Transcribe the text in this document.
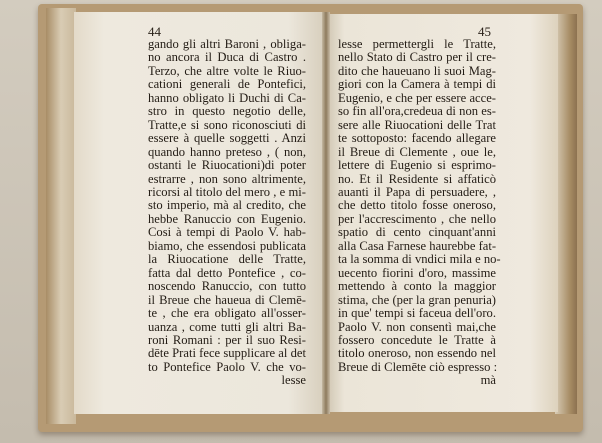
44
gando gli altri Baroni , obliga-
no ancora il Duca di Castro .
Terzo, che altre volte le Riuo-
cationi generali de Pontefici,
hanno obligato li Duchi di Ca-
stro in questo negotio delle,
Tratte,e si sono riconosciuti di
essere à quelle soggetti . Anzi
quando hanno preteso , ( non,
ostanti le Riuocationi)di poter
estrarre , non sono altrimente,
ricorsi al titolo del mero , e mi-
sto imperio, mà al credito, che
hebbe Ranuccio con Eugenio.
Cosi à tempi di Paolo V. hab-
biamo, che essendosi publicata
la Riuocatione delle Tratte,
fatta dal detto Pontefice , co-
noscendo Ranuccio, con tutto
il Breue che haueua di Clemē-
te , che era obligato all'osser-
uanza , come tutti gli altri Ba-
roni Romani : per il suo Resi-
dēte Prati fece supplicare al det
to Pontefice Paolo V. che vo-
lesse
45
lesse permettergli le Tratte,
nello Stato di Castro per il cre-
dito che haueuano li suoi Mag-
giori con la Camera à tempi di
Eugenio, e che per essere acce-
so fin all'ora,credeua di non es-
sere alle Riuocationi delle Trat
te sottoposto: facendo allegare
il Breue di Clemente , oue le,
lettere di Eugenio si esprimo-
no. Et il Residente si affaticò
auanti il Papa di persuadere, ,
che detto titolo fosse oneroso,
per l'accrescimento , che nello
spatio di cento cinquant'anni
alla Casa Farnese haurebbe fat-
ta la somma di vndici mila e no-
uecento fiorini d'oro, massime
mettendo à conto la maggior
stima, che (per la gran penuria)
in que' tempi si faceua dell'oro.
Paolo V. non consentì mai,che
fossero concedute le Tratte à
titolo oneroso, non essendo nel
Breue di Clemēte ciò espresso :
mà
